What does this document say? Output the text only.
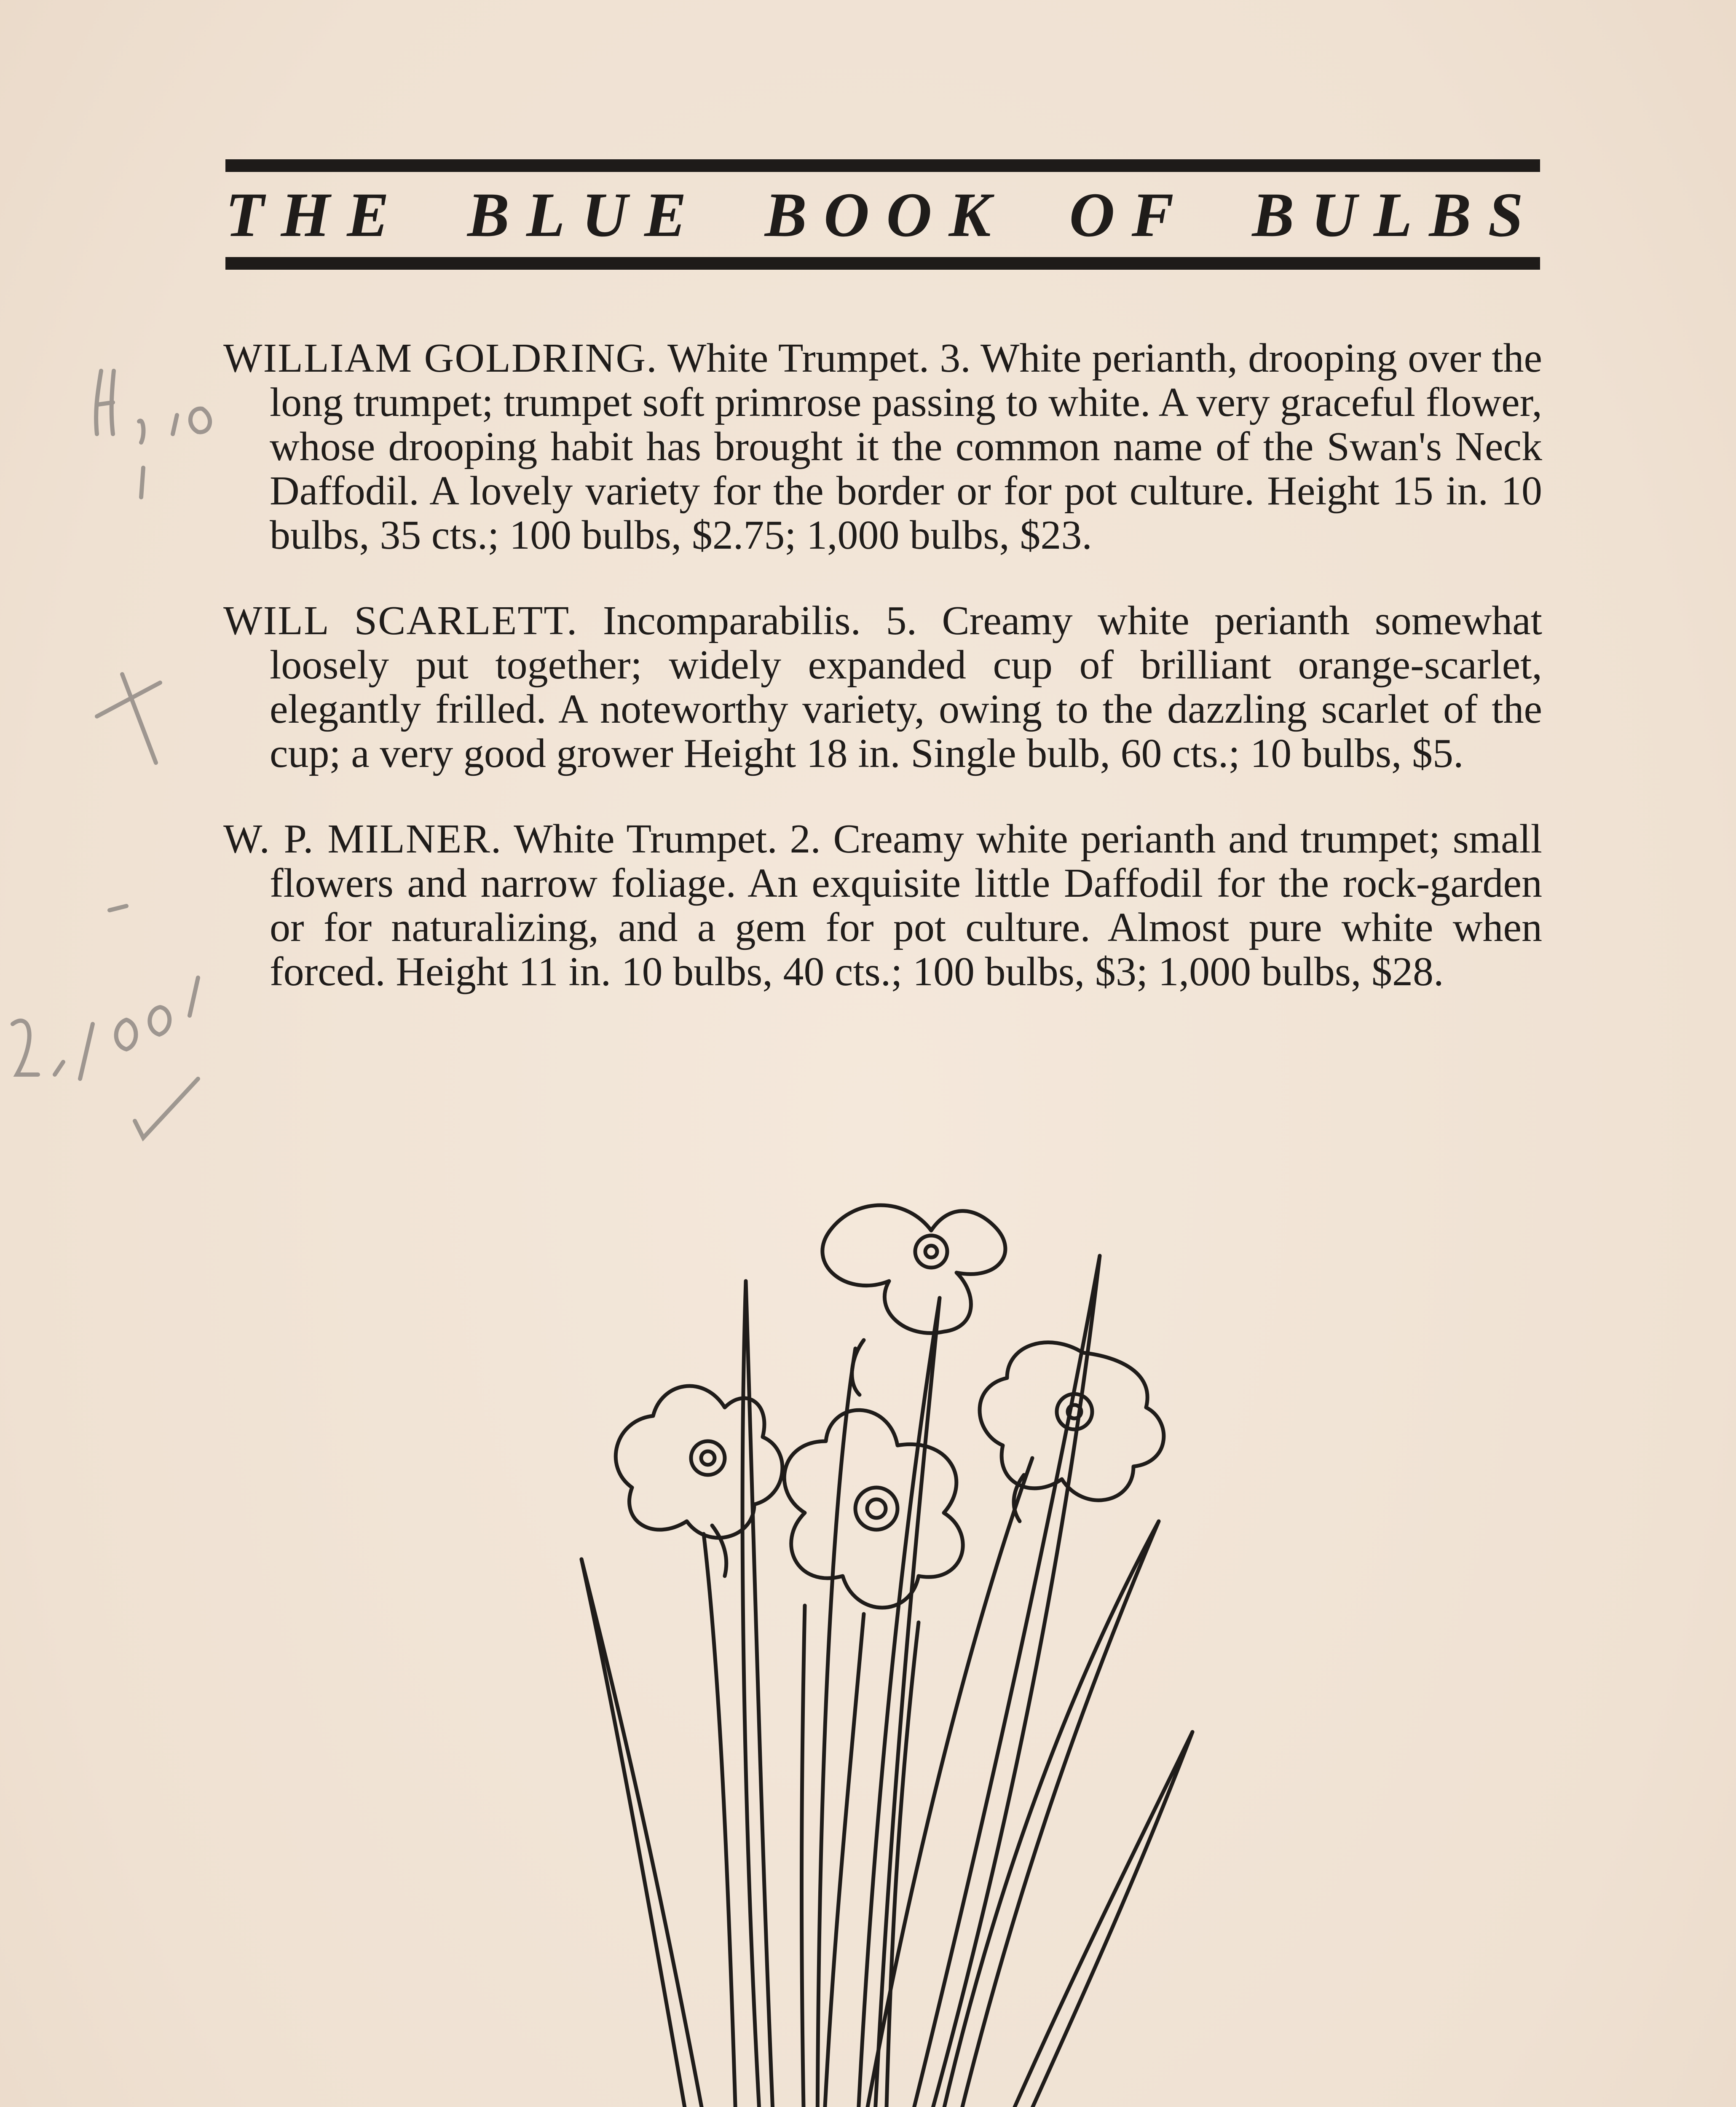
THE BLUE BOOK OF BULBS

WILLIAM GOLDRING. White Trumpet. 3. White perianth, drooping over the long trumpet; trumpet soft primrose passing to white. A very graceful flower, whose drooping habit has brought it the common name of the Swan's Neck Daffodil. A lovely variety for the border or for pot culture. Height 15 in. 10 bulbs, 35 cts.; 100 bulbs, $2.75; 1,000 bulbs, $23.

WILL SCARLETT. Incomparabilis. 5. Creamy white perianth somewhat loosely put together; widely expanded cup of brilliant orange-scarlet, elegantly frilled. A noteworthy variety, owing to the dazzling scarlet of the cup; a very good grower Height 18 in. Single bulb, 60 cts.; 10 bulbs, $5.

W. P. MILNER. White Trumpet. 2. Creamy white perianth and trumpet; small flowers and narrow foliage. An exquisite little Daffodil for the rock-garden or for naturalizing, and a gem for pot culture. Almost pure white when forced. Height 11 in. 10 bulbs, 40 cts.; 100 bulbs, $3; 1,000 bulbs, $28.
